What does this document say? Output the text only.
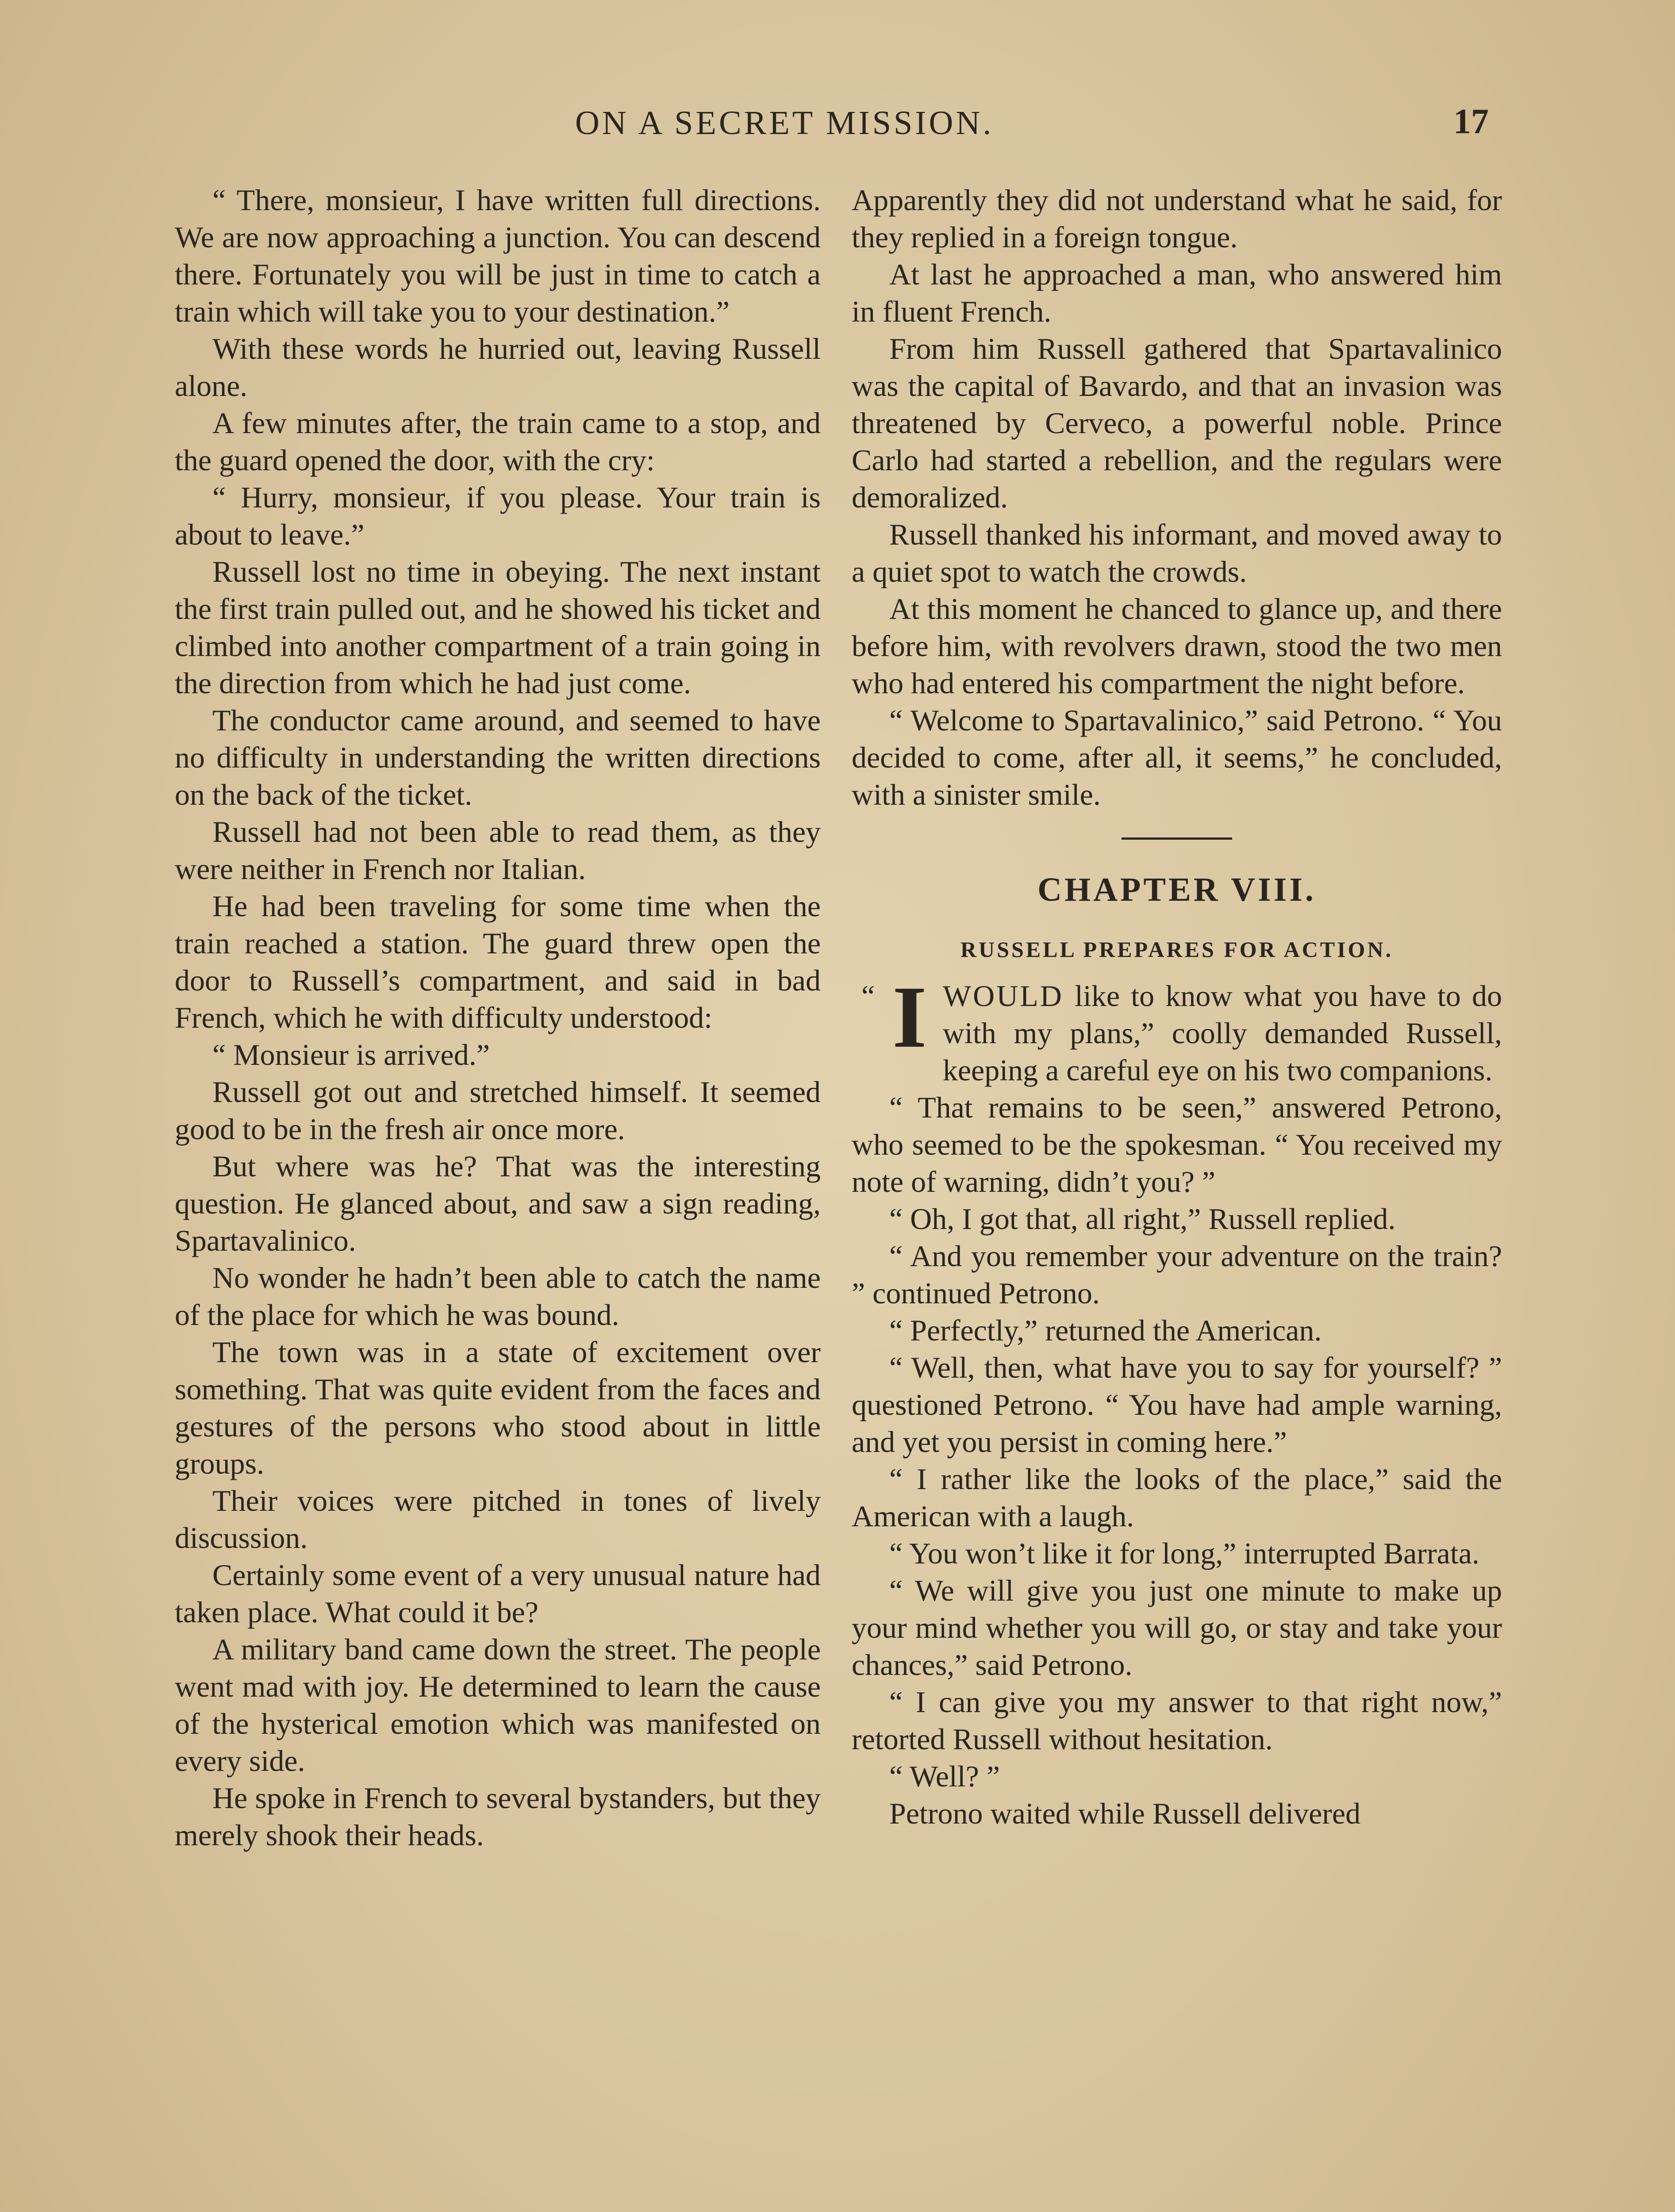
ON A SECRET MISSION.	17

“ There, monsieur, I have written full directions. We are now approaching a junction. You can descend there. Fortunately you will be just in time to catch a train which will take you to your destination.”

With these words he hurried out, leaving Russell alone.

A few minutes after, the train came to a stop, and the guard opened the door, with the cry:

“ Hurry, monsieur, if you please. Your train is about to leave.”

Russell lost no time in obeying. The next instant the first train pulled out, and he showed his ticket and climbed into another compartment of a train going in the direction from which he had just come.

The conductor came around, and seemed to have no difficulty in understanding the written directions on the back of the ticket.

Russell had not been able to read them, as they were neither in French nor Italian.

He had been traveling for some time when the train reached a station. The guard threw open the door to Russell’s compartment, and said in bad French, which he with difficulty understood:

“ Monsieur is arrived.”

Russell got out and stretched himself. It seemed good to be in the fresh air once more.

But where was he? That was the interesting question. He glanced about, and saw a sign reading, Spartavalinico.

No wonder he hadn’t been able to catch the name of the place for which he was bound.

The town was in a state of excitement over something. That was quite evident from the faces and gestures of the persons who stood about in little groups.

Their voices were pitched in tones of lively discussion.

Certainly some event of a very unusual nature had taken place. What could it be?

A military band came down the street. The people went mad with joy. He determined to learn the cause of the hysterical emotion which was manifested on every side.

He spoke in French to several bystanders, but they merely shook their heads.

Apparently they did not understand what he said, for they replied in a foreign tongue.

At last he approached a man, who answered him in fluent French.

From him Russell gathered that Spartavalinico was the capital of Bavardo, and that an invasion was threatened by Cerveco, a powerful noble. Prince Carlo had started a rebellion, and the regulars were demoralized.

Russell thanked his informant, and moved away to a quiet spot to watch the crowds.

At this moment he chanced to glance up, and there before him, with revolvers drawn, stood the two men who had entered his compartment the night before.

“ Welcome to Spartavalinico,” said Petrono. “ You decided to come, after all, it seems,” he concluded, with a sinister smile.

CHAPTER VIII.
RUSSELL PREPARES FOR ACTION.

“ I WOULD like to know what you have to do with my plans,” coolly demanded Russell, keeping a careful eye on his two companions.

“ That remains to be seen,” answered Petrono, who seemed to be the spokesman. “ You received my note of warning, didn’t you? ”

“ Oh, I got that, all right,” Russell replied.

“ And you remember your adventure on the train? ” continued Petrono.

“ Perfectly,” returned the American.

“ Well, then, what have you to say for yourself? ” questioned Petrono. “ You have had ample warning, and yet you persist in coming here.”

“ I rather like the looks of the place,” said the American with a laugh.

“ You won’t like it for long,” interrupted Barrata.

“ We will give you just one minute to make up your mind whether you will go, or stay and take your chances,” said Petrono.

“ I can give you my answer to that right now,” retorted Russell without hesitation.

“ Well? ”

Petrono waited while Russell delivered
